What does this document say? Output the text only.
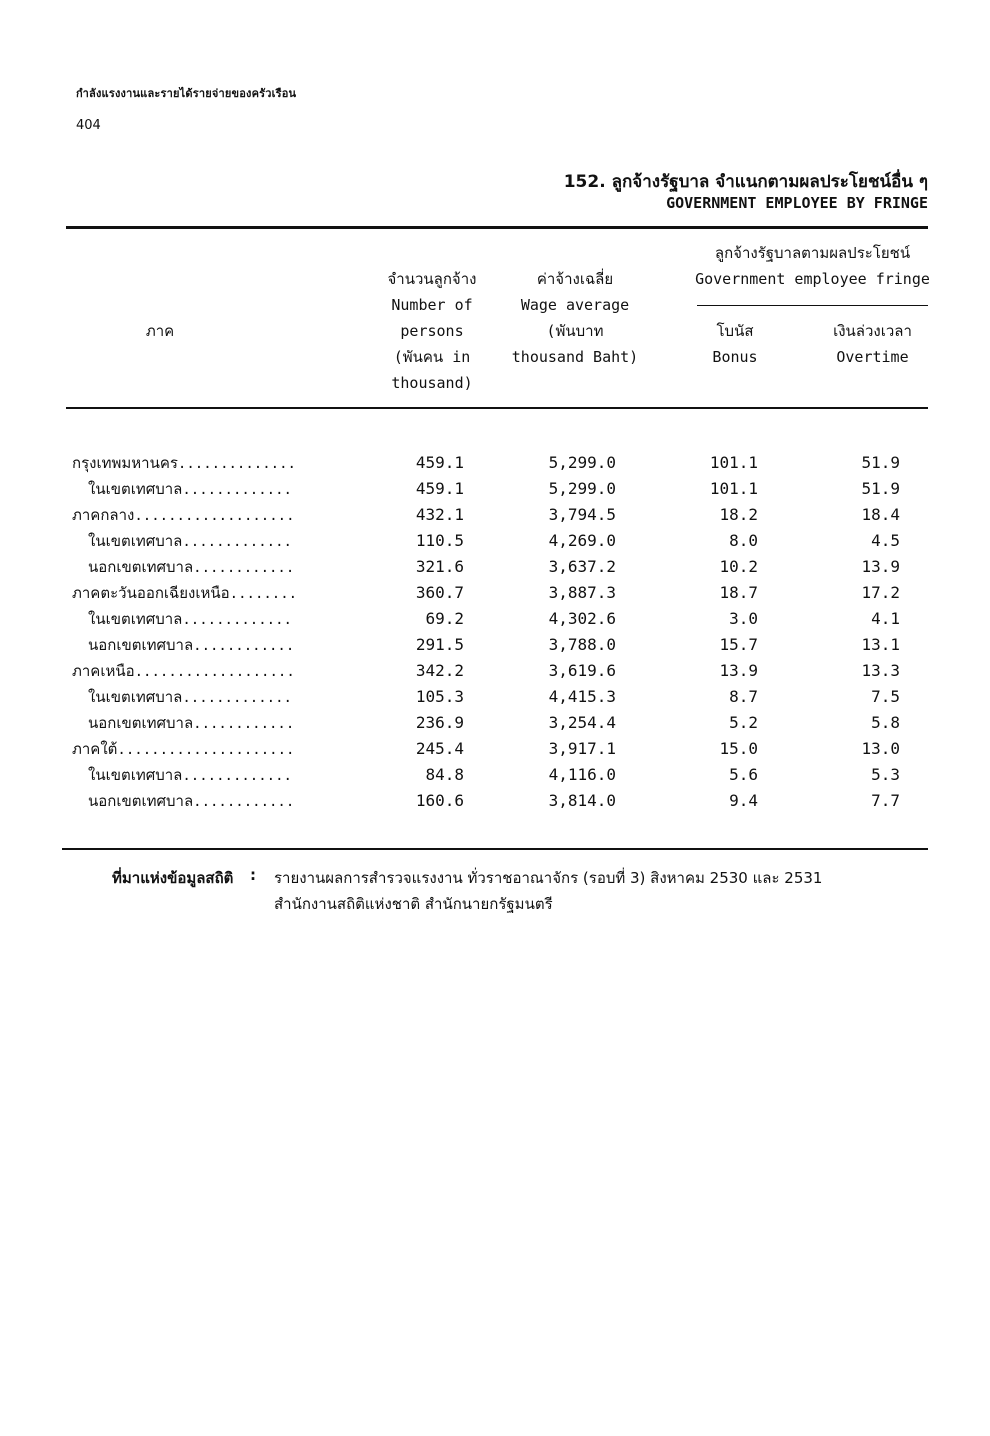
กำลังแรงงานและรายได้รายจ่ายของครัวเรือน
404
152. ลูกจ้างรัฐบาล จำแนกตามผลประโยชน์อื่น ๆ
GOVERNMENT EMPLOYEE BY FRINGE
ภาค
จำนวนลูกจ้าง
Number of
persons
(พันคน in
thousand)
ค่าจ้างเฉลี่ย
Wage average
(พันบาท
thousand Baht)
ลูกจ้างรัฐบาลตามผลประโยชน์
Government employee fringe
โบนัส
Bonus
เงินล่วงเวลา
Overtime
กรุงเทพมหานคร..............	459.1	5,299.0	101.1	51.9
ในเขตเทศบาล.............	459.1	5,299.0	101.1	51.9
ภาคกลาง...................	432.1	3,794.5	18.2	18.4
ในเขตเทศบาล.............	110.5	4,269.0	8.0	4.5
นอกเขตเทศบาล............	321.6	3,637.2	10.2	13.9
ภาคตะวันออกเฉียงเหนือ........	360.7	3,887.3	18.7	17.2
ในเขตเทศบาล.............	69.2	4,302.6	3.0	4.1
นอกเขตเทศบาล............	291.5	3,788.0	15.7	13.1
ภาคเหนือ...................	342.2	3,619.6	13.9	13.3
ในเขตเทศบาล.............	105.3	4,415.3	8.7	7.5
นอกเขตเทศบาล............	236.9	3,254.4	5.2	5.8
ภาคใต้.....................	245.4	3,917.1	15.0	13.0
ในเขตเทศบาล.............	84.8	4,116.0	5.6	5.3
นอกเขตเทศบาล............	160.6	3,814.0	9.4	7.7
ที่มาแห่งข้อมูลสถิติ : รายงานผลการสำรวจแรงงาน ทั่วราชอาณาจักร (รอบที่ 3) สิงหาคม 2530 และ 2531
สำนักงานสถิติแห่งชาติ สำนักนายกรัฐมนตรี
